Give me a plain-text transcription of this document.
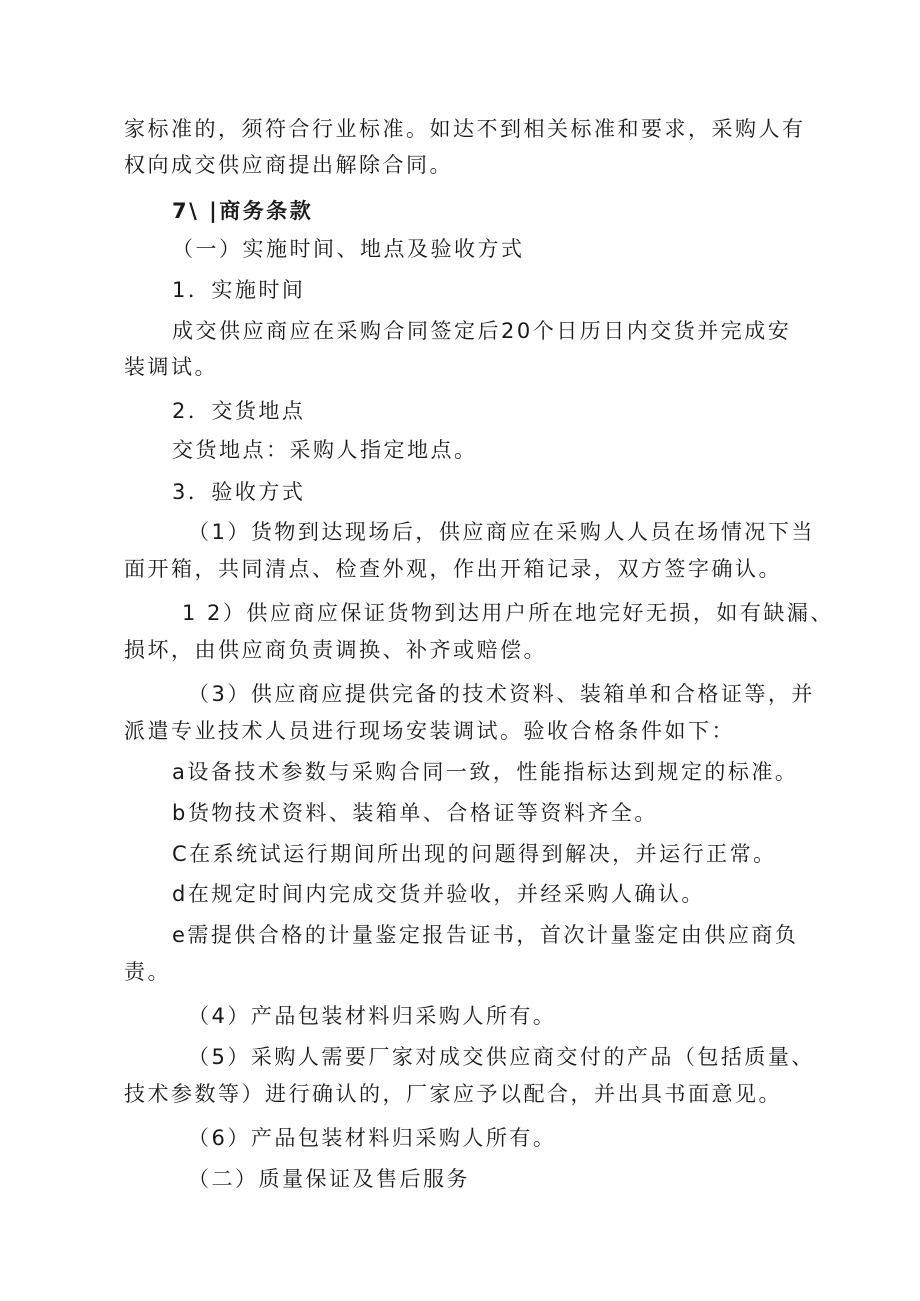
家标准的，须符合行业标准。如达不到相关标准和要求，采购人有
权向成交供应商提出解除合同。
7\ |商务条款
（一）实施时间、地点及验收方式
1．实施时间
成交供应商应在采购合同签定后20个日历日内交货并完成安
装调试。
2．交货地点
交货地点：采购人指定地点。
3．验收方式
（1）货物到达现场后，供应商应在采购人人员在场情况下当
面开箱，共同清点、检查外观，作出开箱记录，双方签字确认。
1 2）供应商应保证货物到达用户所在地完好无损，如有缺漏、
损坏，由供应商负责调换、补齐或赔偿。
（3）供应商应提供完备的技术资料、装箱单和合格证等，并
派遣专业技术人员进行现场安装调试。验收合格条件如下：
a设备技术参数与采购合同一致，性能指标达到规定的标准。
b货物技术资料、装箱单、合格证等资料齐全。
C在系统试运行期间所出现的问题得到解决，并运行正常。
d在规定时间内完成交货并验收，并经采购人确认。
e需提供合格的计量鉴定报告证书，首次计量鉴定由供应商负
责。
（4）产品包装材料归采购人所有。
（5）采购人需要厂家对成交供应商交付的产品（包括质量、
技术参数等）进行确认的，厂家应予以配合，并出具书面意见。
（6）产品包装材料归采购人所有。
（二）质量保证及售后服务
